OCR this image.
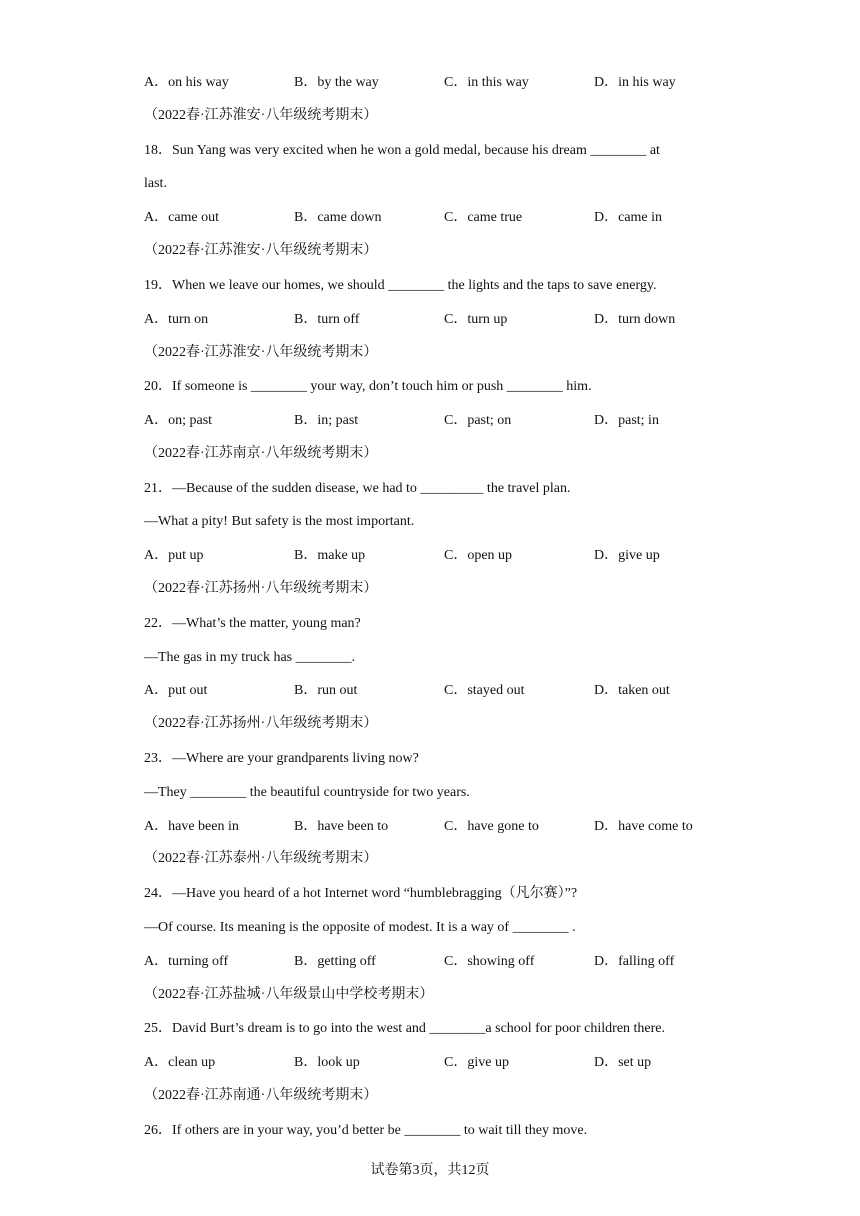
A．on his way	B．by the way	C．in this way	D．in his way
（2022春·江苏淮安·八年级统考期末）
18．Sun Yang was very excited when he won a gold medal, because his dream ________ at
last.
A．came out	B．came down	C．came true	D．came in
（2022春·江苏淮安·八年级统考期末）
19．When we leave our homes, we should ________ the lights and the taps to save energy.
A．turn on	B．turn off	C．turn up	D．turn down
（2022春·江苏淮安·八年级统考期末）
20．If someone is ________ your way, don’t touch him or push ________ him.
A．on; past	B．in; past	C．past; on	D．past; in
（2022春·江苏南京·八年级统考期末）
21．—Because of the sudden disease, we had to _________ the travel plan.
—What a pity! But safety is the most important.
A．put up	B．make up	C．open up	D．give up
（2022春·江苏扬州·八年级统考期末）
22．—What’s the matter, young man?
—The gas in my truck has ________.
A．put out	B．run out	C．stayed out	D．taken out
（2022春·江苏扬州·八年级统考期末）
23．—Where are your grandparents living now?
—They ________ the beautiful countryside for two years.
A．have been in	B．have been to	C．have gone to	D．have come to
（2022春·江苏泰州·八年级统考期末）
24．—Have you heard of a hot Internet word “humblebragging（凡尔赛）”?
—Of course. Its meaning is the opposite of modest. It is a way of ________ .
A．turning off	B．getting off	C．showing off	D．falling off
（2022春·江苏盐城·八年级景山中学校考期末）
25．David Burt’s dream is to go into the west and ________a school for poor children there.
A．clean up	B．look up	C．give up	D．set up
（2022春·江苏南通·八年级统考期末）
26．If others are in your way, you’d better be ________ to wait till they move.
试卷第3页，共12页
